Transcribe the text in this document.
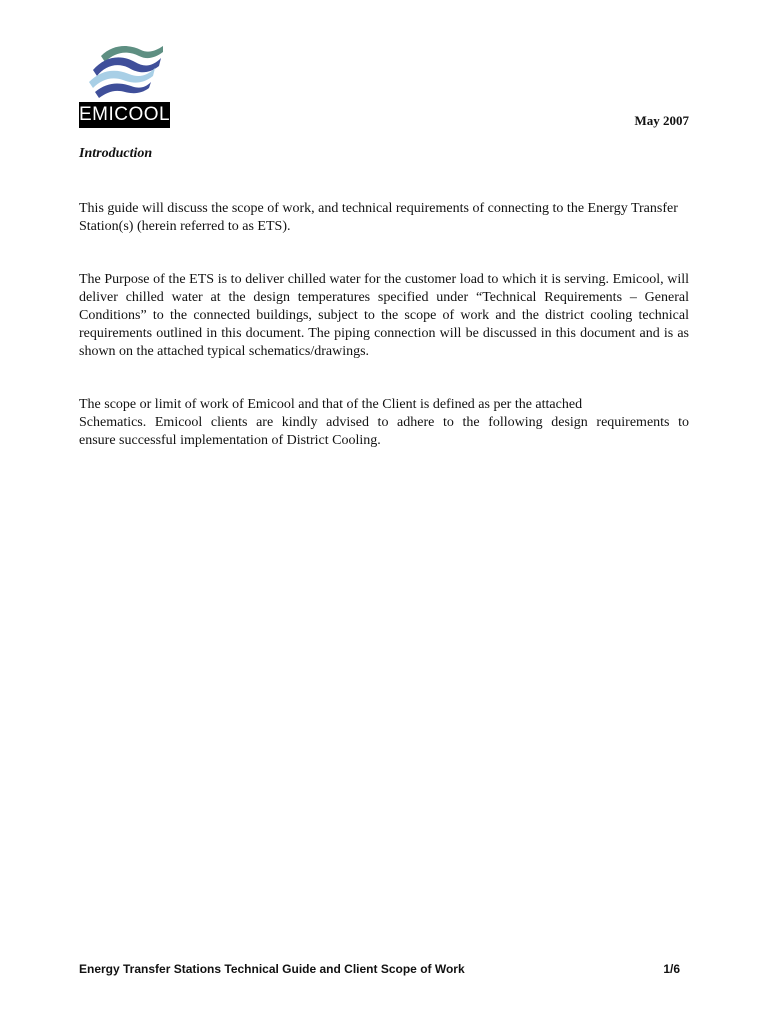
EMICOOL	May 2007
Introduction

This guide will discuss the scope of work, and technical requirements of connecting to the Energy Transfer Station(s) (herein referred to as ETS).

The Purpose of the ETS is to deliver chilled water for the customer load to which it is serving. Emicool, will deliver chilled water at the design temperatures specified under “Technical Requirements – General Conditions” to the connected buildings, subject to the scope of work and the district cooling technical requirements outlined in this document. The piping connection will be discussed in this document and is as shown on the attached typical schematics/drawings.

The scope or limit of work of Emicool and that of the Client is defined as per the attached

Schematics. Emicool clients are kindly advised to adhere to the following design requirements to
ensure successful implementation of District Cooling.

Energy Transfer Stations Technical Guide and Client Scope of Work	1/6
